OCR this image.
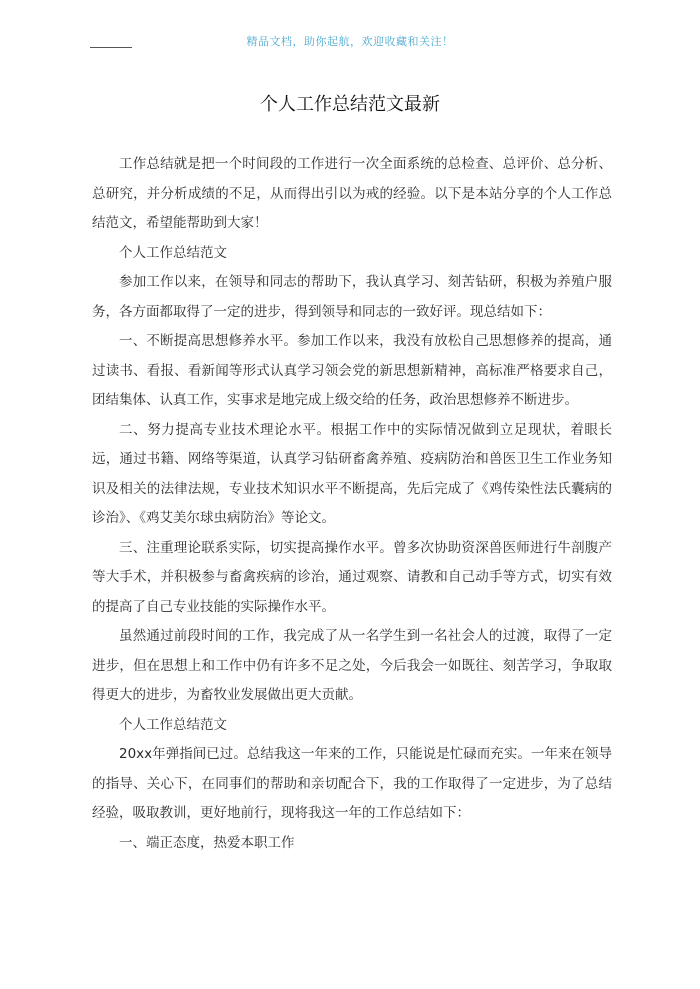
精品文档，助你起航，欢迎收藏和关注！
个人工作总结范文最新

工作总结就是把一个时间段的工作进行一次全面系统的总检查、总评价、总分析、总研究，并分析成绩的不足，从而得出引以为戒的经验。以下是本站分享的个人工作总结范文，希望能帮助到大家！

个人工作总结范文

参加工作以来，在领导和同志的帮助下，我认真学习、刻苦钻研，积极为养殖户服务，各方面都取得了一定的进步，得到领导和同志的一致好评。现总结如下：

一、不断提高思想修养水平。参加工作以来，我没有放松自己思想修养的提高，通过读书、看报、看新闻等形式认真学习领会党的新思想新精神，高标准严格要求自己，团结集体、认真工作，实事求是地完成上级交给的任务，政治思想修养不断进步。

二、努力提高专业技术理论水平。根据工作中的实际情况做到立足现状，着眼长远，通过书籍、网络等渠道，认真学习钻研畜禽养殖、疫病防治和兽医卫生工作业务知识及相关的法律法规，专业技术知识水平不断提高，先后完成了《鸡传染性法氏囊病的诊治》、《鸡艾美尔球虫病防治》等论文。

三、注重理论联系实际，切实提高操作水平。曾多次协助资深兽医师进行牛剖腹产等大手术，并积极参与畜禽疾病的诊治，通过观察、请教和自己动手等方式，切实有效的提高了自己专业技能的实际操作水平。

虽然通过前段时间的工作，我完成了从一名学生到一名社会人的过渡，取得了一定进步，但在思想上和工作中仍有许多不足之处，今后我会一如既往、刻苦学习，争取取得更大的进步，为畜牧业发展做出更大贡献。

个人工作总结范文

20xx年弹指间已过。总结我这一年来的工作，只能说是忙碌而充实。一年来在领导的指导、关心下，在同事们的帮助和亲切配合下，我的工作取得了一定进步，为了总结经验，吸取教训，更好地前行，现将我这一年的工作总结如下：

一、端正态度，热爱本职工作
